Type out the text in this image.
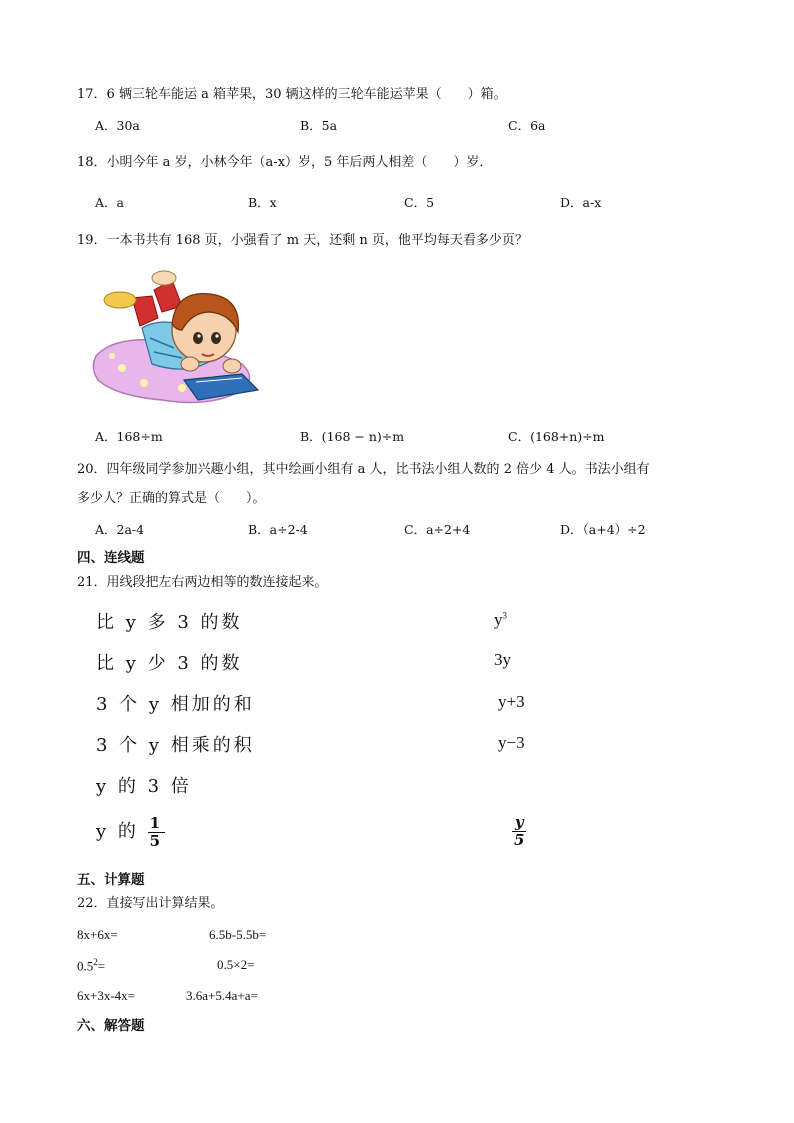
17．6 辆三轮车能运 a 箱苹果，30 辆这样的三轮车能运苹果（　　）箱。
A．30a	B．5a	C．6a
18．小明今年 a 岁，小林今年（a-x）岁，5 年后两人相差（　　）岁．
A．a	B．x	C．5	D．a-x
19．一本书共有 168 页，小强看了 m 天，还剩 n 页，他平均每天看多少页？
A．168÷m	B．(168 − n)÷m	C．(168+n)÷m
20．四年级同学参加兴趣小组，其中绘画小组有 a 人，比书法小组人数的 2 倍少 4 人。书法小组有
多少人？正确的算式是（　　）。
A．2a-4	B．a÷2-4	C．a÷2+4	D．（a+4）÷2
四、连线题
21．用线段把左右两边相等的数连接起来。
比 y 多 3 的数
比 y 少 3 的数
3 个 y 相加的和
3 个 y 相乘的积
y 的 3 倍
y 的 $\frac{1}{5}$
$y^3$
3y
y+3
y−3
$\frac{y}{5}$
五、计算题
22．直接写出计算结果。
8x+6x=	6.5b-5.5b=
$0.5^2=$	0.5×2=
6x+3x-4x=	3.6a+5.4a+a=
六、解答题
